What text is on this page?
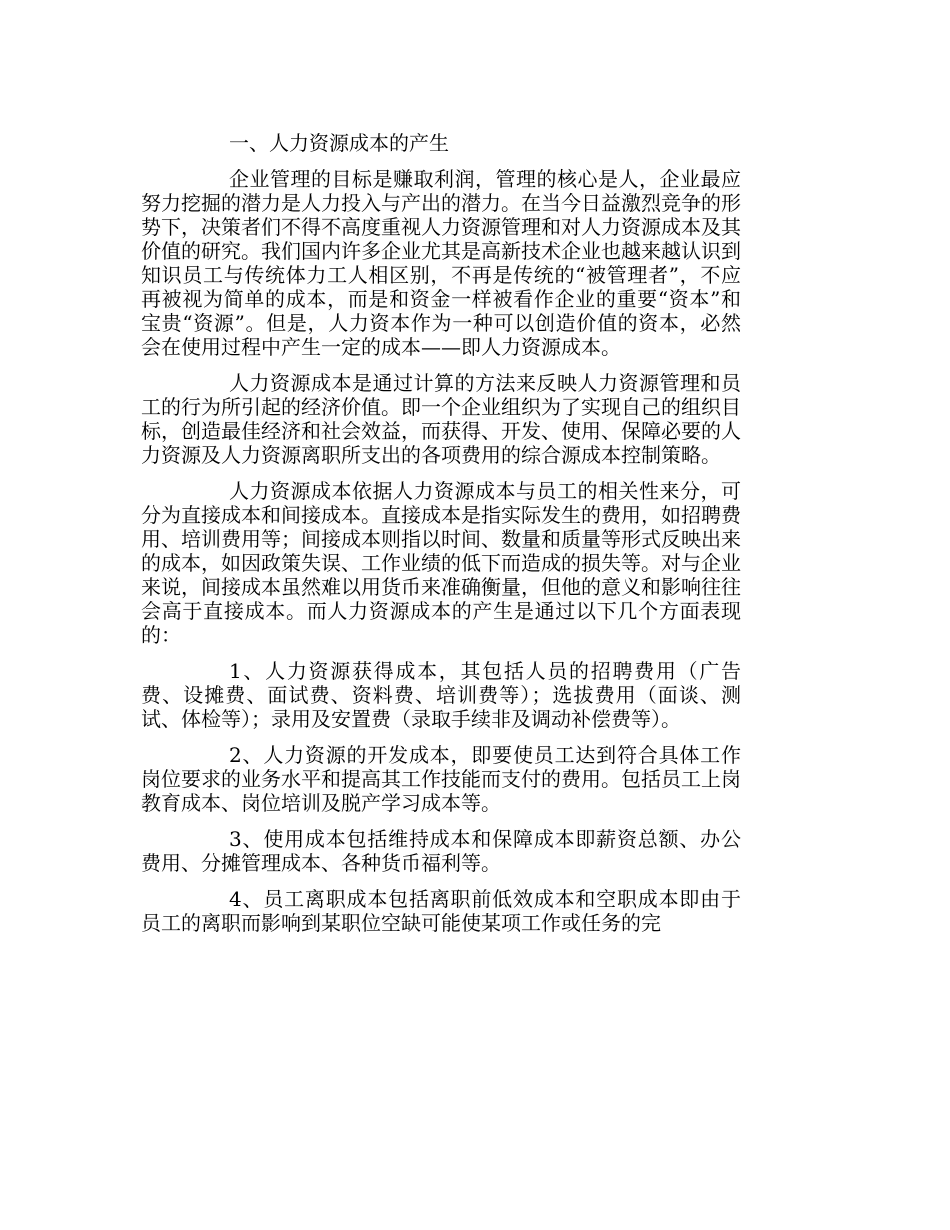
一、人力资源成本的产生

企业管理的目标是赚取利润，管理的核心是人，企业最应努力挖掘的潜力是人力投入与产出的潜力。在当今日益激烈竞争的形势下，决策者们不得不高度重视人力资源管理和对人力资源成本及其价值的研究。我们国内许多企业尤其是高新技术企业也越来越认识到知识员工与传统体力工人相区别，不再是传统的“被管理者”，不应再被视为简单的成本，而是和资金一样被看作企业的重要“资本”和宝贵“资源”。但是，人力资本作为一种可以创造价值的资本，必然会在使用过程中产生一定的成本——即人力资源成本。

人力资源成本是通过计算的方法来反映人力资源管理和员工的行为所引起的经济价值。即一个企业组织为了实现自己的组织目标，创造最佳经济和社会效益，而获得、开发、使用、保障必要的人力资源及人力资源离职所支出的各项费用的综合源成本控制策略。

人力资源成本依据人力资源成本与员工的相关性来分，可分为直接成本和间接成本。直接成本是指实际发生的费用，如招聘费用、培训费用等；间接成本则指以时间、数量和质量等形式反映出来的成本，如因政策失误、工作业绩的低下而造成的损失等。对与企业来说，间接成本虽然难以用货币来准确衡量，但他的意义和影响往往会高于直接成本。而人力资源成本的产生是通过以下几个方面表现的：

1、人力资源获得成本，其包括人员的招聘费用（广告费、设摊费、面试费、资料费、培训费等）；选拔费用（面谈、测试、体检等）；录用及安置费（录取手续非及调动补偿费等）。

2、人力资源的开发成本，即要使员工达到符合具体工作岗位要求的业务水平和提高其工作技能而支付的费用。包括员工上岗教育成本、岗位培训及脱产学习成本等。

3、使用成本包括维持成本和保障成本即薪资总额、办公费用、分摊管理成本、各种货币福利等。

4、员工离职成本包括离职前低效成本和空职成本即由于员工的离职而影响到某职位空缺可能使某项工作或任务的完
